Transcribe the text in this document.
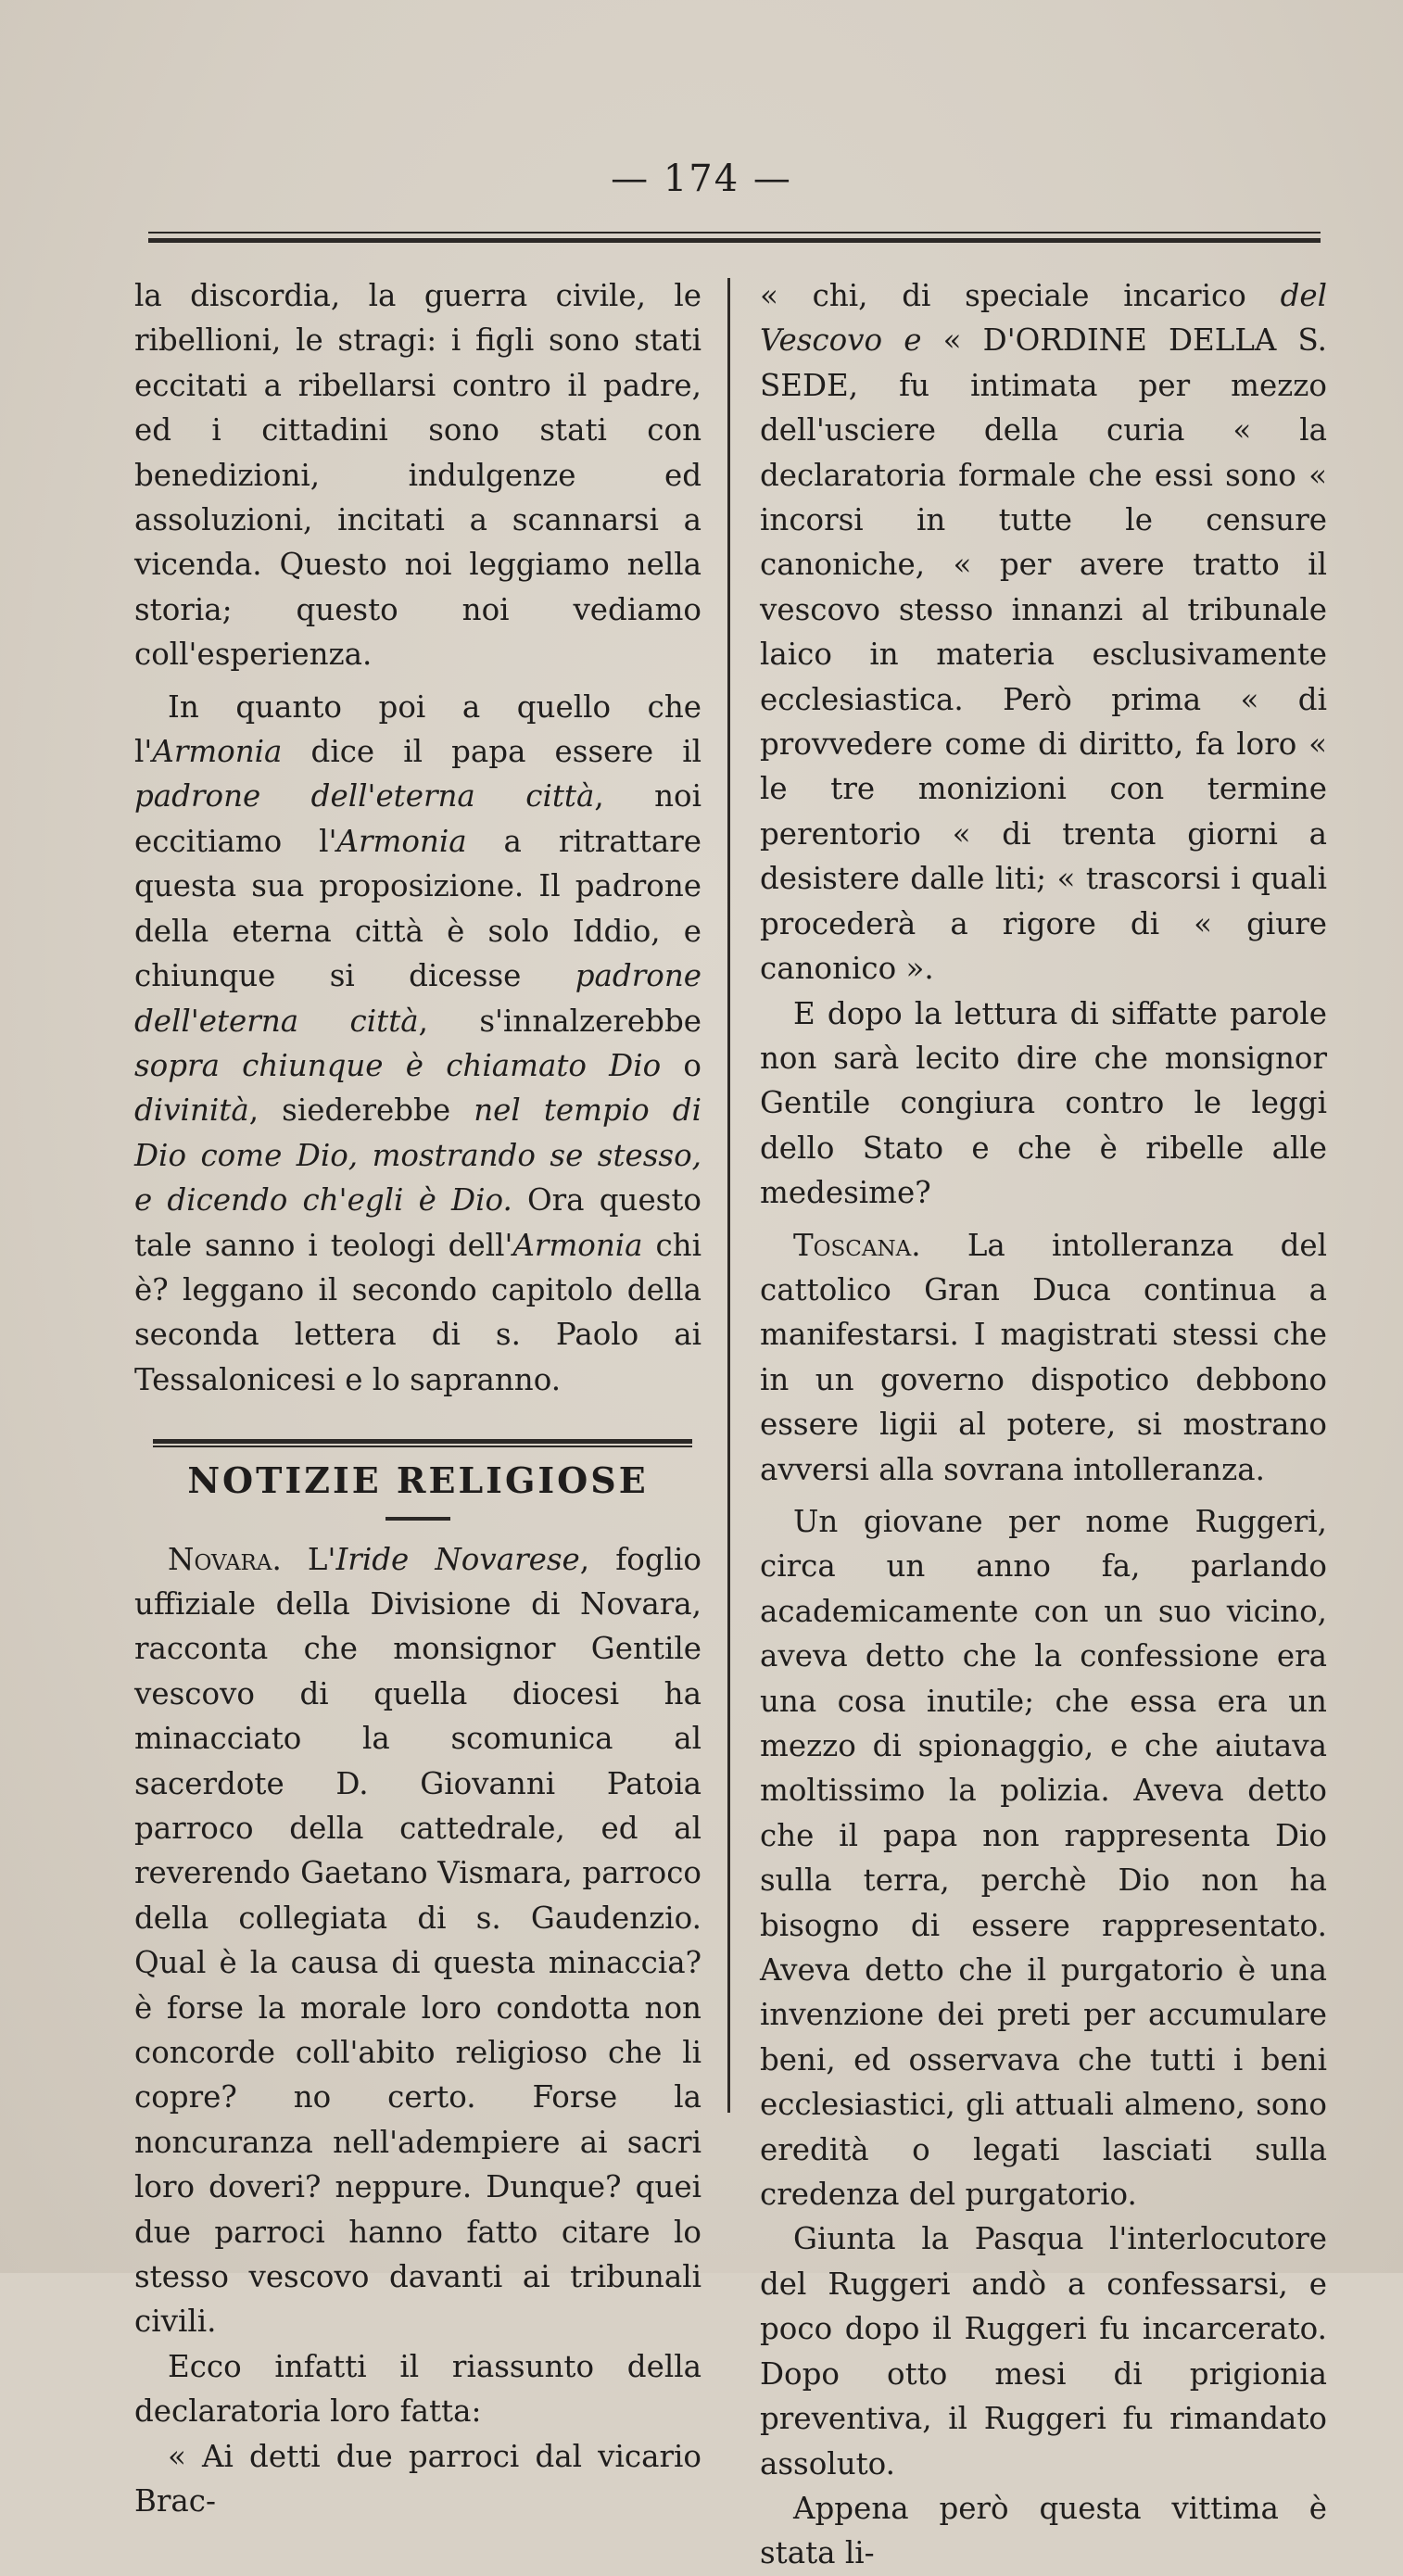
— 174 —

la discordia, la guerra civile, le ribellioni, le stragi: i figli sono stati eccitati a ribellarsi contro il padre, ed i cittadini sono stati con benedizioni, indulgenze ed assoluzioni, incitati a scannarsi a vicenda. Questo noi leggiamo nella storia; questo noi vediamo coll'esperienza.

In quanto poi a quello che l'Armonia dice il papa essere il padrone dell'eterna città, noi eccitiamo l'Armonia a ritrattare questa sua proposizione. Il padrone della eterna città è solo Iddio, e chiunque si dicesse padrone dell'eterna città, s'innalzerebbe sopra chiunque è chiamato Dio o divinità, siederebbe nel tempio di Dio come Dio, mostrando se stesso, e dicendo ch'egli è Dio. Ora questo tale sanno i teologi dell'Armonia chi è? leggano il secondo capitolo della seconda lettera di s. Paolo ai Tessalonicesi e lo sapranno.

NOTIZIE RELIGIOSE

Novara. L'Iride Novarese, foglio uffiziale della Divisione di Novara, racconta che monsignor Gentile vescovo di quella diocesi ha minacciato la scomunica al sacerdote D. Giovanni Patoia parroco della cattedrale, ed al reverendo Gaetano Vismara, parroco della collegiata di s. Gaudenzio. Qual è la causa di questa minaccia? è forse la morale loro condotta non concorde coll'abito religioso che li copre? no certo. Forse la noncuranza nell'adempiere ai sacri loro doveri? neppure. Dunque? quei due parroci hanno fatto citare lo stesso vescovo davanti ai tribunali civili.

Ecco infatti il riassunto della declaratoria loro fatta:

« Ai detti due parroci dal vicario Brac-

« chi, di speciale incarico del Vescovo e « D'ORDINE DELLA S. SEDE, fu intimata per mezzo dell'usciere della curia « la declaratoria formale che essi sono « incorsi in tutte le censure canoniche, « per avere tratto il vescovo stesso innanzi al tribunale laico in materia esclusivamente ecclesiastica. Però prima « di provvedere come di diritto, fa loro « le tre monizioni con termine perentorio « di trenta giorni a desistere dalle liti; « trascorsi i quali procederà a rigore di « giure canonico ».

E dopo la lettura di siffatte parole non sarà lecito dire che monsignor Gentile congiura contro le leggi dello Stato e che è ribelle alle medesime?

Toscana. La intolleranza del cattolico Gran Duca continua a manifestarsi. I magistrati stessi che in un governo dispotico debbono essere ligii al potere, si mostrano avversi alla sovrana intolleranza.

Un giovane per nome Ruggeri, circa un anno fa, parlando academicamente con un suo vicino, aveva detto che la confessione era una cosa inutile; che essa era un mezzo di spionaggio, e che aiutava moltissimo la polizia. Aveva detto che il papa non rappresenta Dio sulla terra, perchè Dio non ha bisogno di essere rappresentato. Aveva detto che il purgatorio è una invenzione dei preti per accumulare beni, ed osservava che tutti i beni ecclesiastici, gli attuali almeno, sono eredità o legati lasciati sulla credenza del purgatorio.

Giunta la Pasqua l'interlocutore del Ruggeri andò a confessarsi, e poco dopo il Ruggeri fu incarcerato. Dopo otto mesi di prigionia preventiva, il Ruggeri fu rimandato assoluto.

Appena però questa vittima è stata li-
